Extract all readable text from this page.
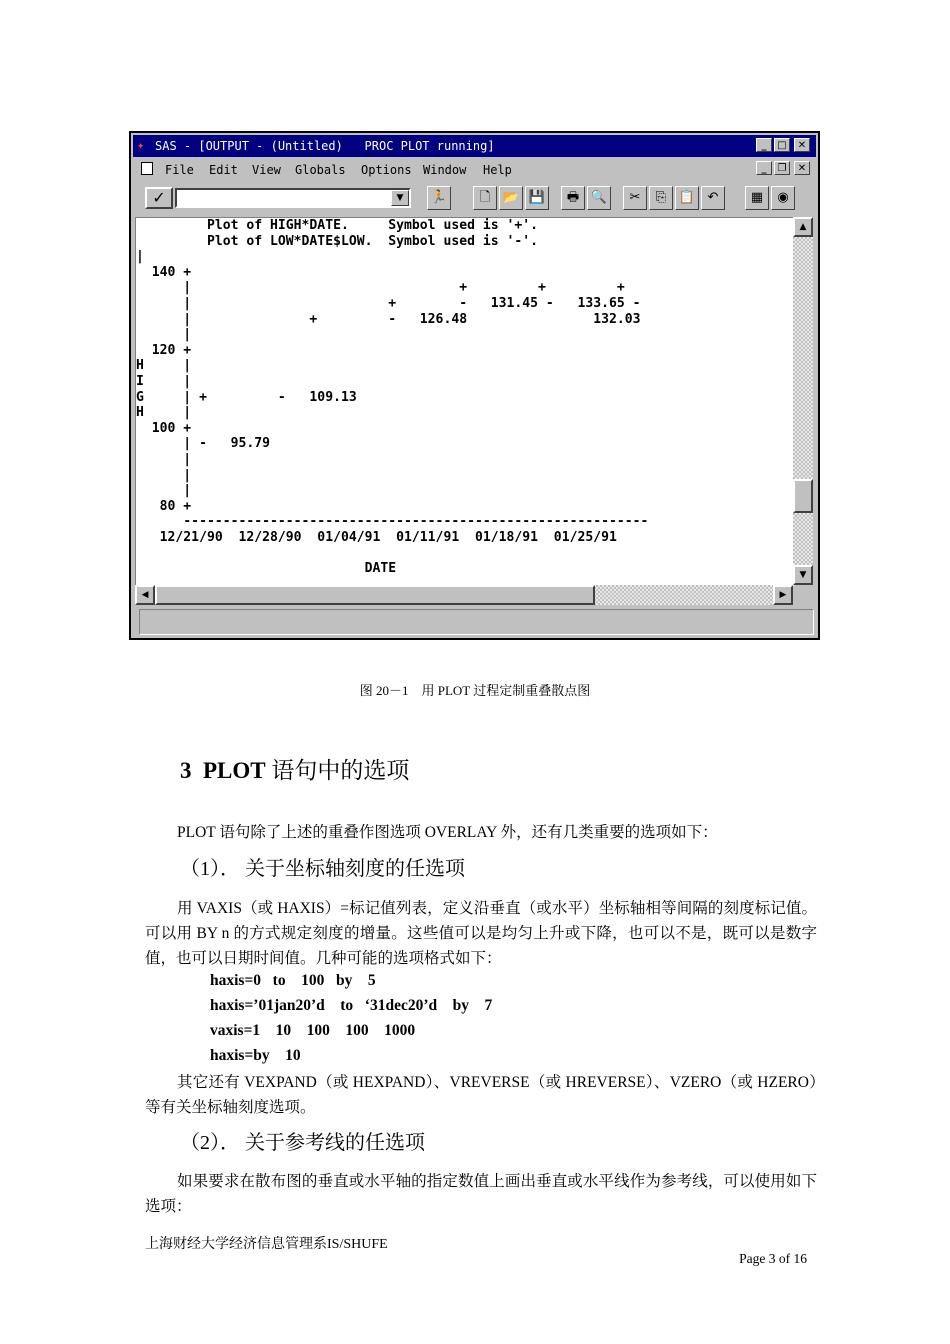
✦ SAS - [OUTPUT - (Untitled)   PROC PLOT running]	_	□	✕
File Edit View Globals Options Window Help	_	❐	✕
✓	▼	🏃	🗋 📂 💾	🖶 🔍	✂	⎘ 📋 ↶	▦	◉
Plot of HIGH*DATE.     Symbol used is '+'.
Plot of LOW*DATE$LOW.  Symbol used is '-'.
|
140 +
|                                  +         +         +
|                         +        -   131.45 -   133.65 -
|               +         -   126.48                132.03
|
120 +
H     |
I     |
G     | +         -   109.13
H     |
100 +
| -   95.79
|
|
|
80 +
-----------------------------------------------------------
12/21/90  12/28/90  01/04/91  01/11/91  01/18/91  01/25/91

DATE
▲
▼
◀	▶
图 20－1　用 PLOT 过程定制重叠散点图
3 PLOT 语句中的选项
PLOT 语句除了上述的重叠作图选项 OVERLAY 外，还有几类重要的选项如下：
（1）． 关于坐标轴刻度的任选项
用 VAXIS（或 HAXIS）=标记值列表，定义沿垂直（或水平）坐标轴相等间隔的刻度标记值。可以用 BY n 的方式规定刻度的增量。这些值可以是均匀上升或下降，也可以不是，既可以是数字值，也可以日期时间值。几种可能的选项格式如下：
haxis=0   to    100   by    5
haxis=’01jan20’d    to   ‘31dec20’d    by    7
vaxis=1    10    100    100    1000
haxis=by    10
其它还有 VEXPAND（或 HEXPAND）、VREVERSE（或 HREVERSE）、VZERO（或 HZERO）等有关坐标轴刻度选项。
（2）． 关于参考线的任选项
如果要求在散布图的垂直或水平轴的指定数值上画出垂直或水平线作为参考线，可以使用如下选项：
上海财经大学经济信息管理系IS/SHUFE
Page 3 of 16
